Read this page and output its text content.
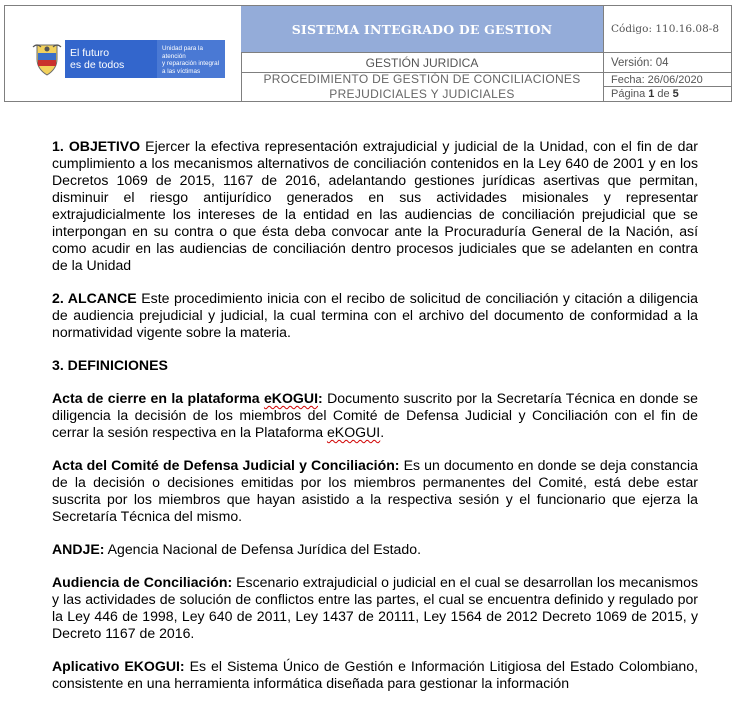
El futuro
es de todos
Unidad para la atención
y reparación integral
a las víctimas
SISTEMA INTEGRADO DE GESTION
GESTIÓN JURIDICA
PROCEDIMIENTO DE GESTIÓN DE CONCILIACIONES
PREJUDICIALES Y JUDICIALES
Código: 110.16.08-8
Versión: 04
Fecha: 26/06/2020
Página 1 de 5

1. OBJETIVO Ejercer la efectiva representación extrajudicial y judicial de la Unidad, con el fin de dar cumplimiento a los mecanismos alternativos de conciliación contenidos en la Ley 640 de 2001 y en los Decretos 1069 de 2015, 1167 de 2016, adelantando gestiones jurídicas asertivas que permitan, disminuir el riesgo antijurídico generados en sus actividades misionales y representar extrajudicialmente los intereses de la entidad en las audiencias de conciliación prejudicial que se interpongan en su contra o que ésta deba convocar ante la Procuraduría General de la Nación, así como acudir en las audiencias de conciliación dentro procesos judiciales que se adelanten en contra de la Unidad

2. ALCANCE Este procedimiento inicia con el recibo de solicitud de conciliación y citación a diligencia de audiencia prejudicial y judicial, la cual termina con el archivo del documento de conformidad a la normatividad vigente sobre la materia.

3. DEFINICIONES

Acta de cierre en la plataforma eKOGUI: Documento suscrito por la Secretaría Técnica en donde se diligencia la decisión de los miembros del Comité de Defensa Judicial y Conciliación con el fin de cerrar la sesión respectiva en la Plataforma eKOGUI.

Acta del Comité de Defensa Judicial y Conciliación: Es un documento en donde se deja constancia de la decisión o decisiones emitidas por los miembros permanentes del Comité, está debe estar suscrita por los miembros que hayan asistido a la respectiva sesión y el funcionario que ejerza la Secretaría Técnica del mismo.

ANDJE: Agencia Nacional de Defensa Jurídica del Estado.

Audiencia de Conciliación: Escenario extrajudicial o judicial en el cual se desarrollan los mecanismos y las actividades de solución de conflictos entre las partes, el cual se encuentra definido y regulado por la Ley 446 de 1998, Ley 640 de 2011, Ley 1437 de 20111, Ley 1564 de 2012 Decreto 1069 de 2015, y Decreto 1167 de 2016.

Aplicativo EKOGUI: Es el Sistema Único de Gestión e Información Litigiosa del Estado Colombiano, consistente en una herramienta informática diseñada para gestionar la información
